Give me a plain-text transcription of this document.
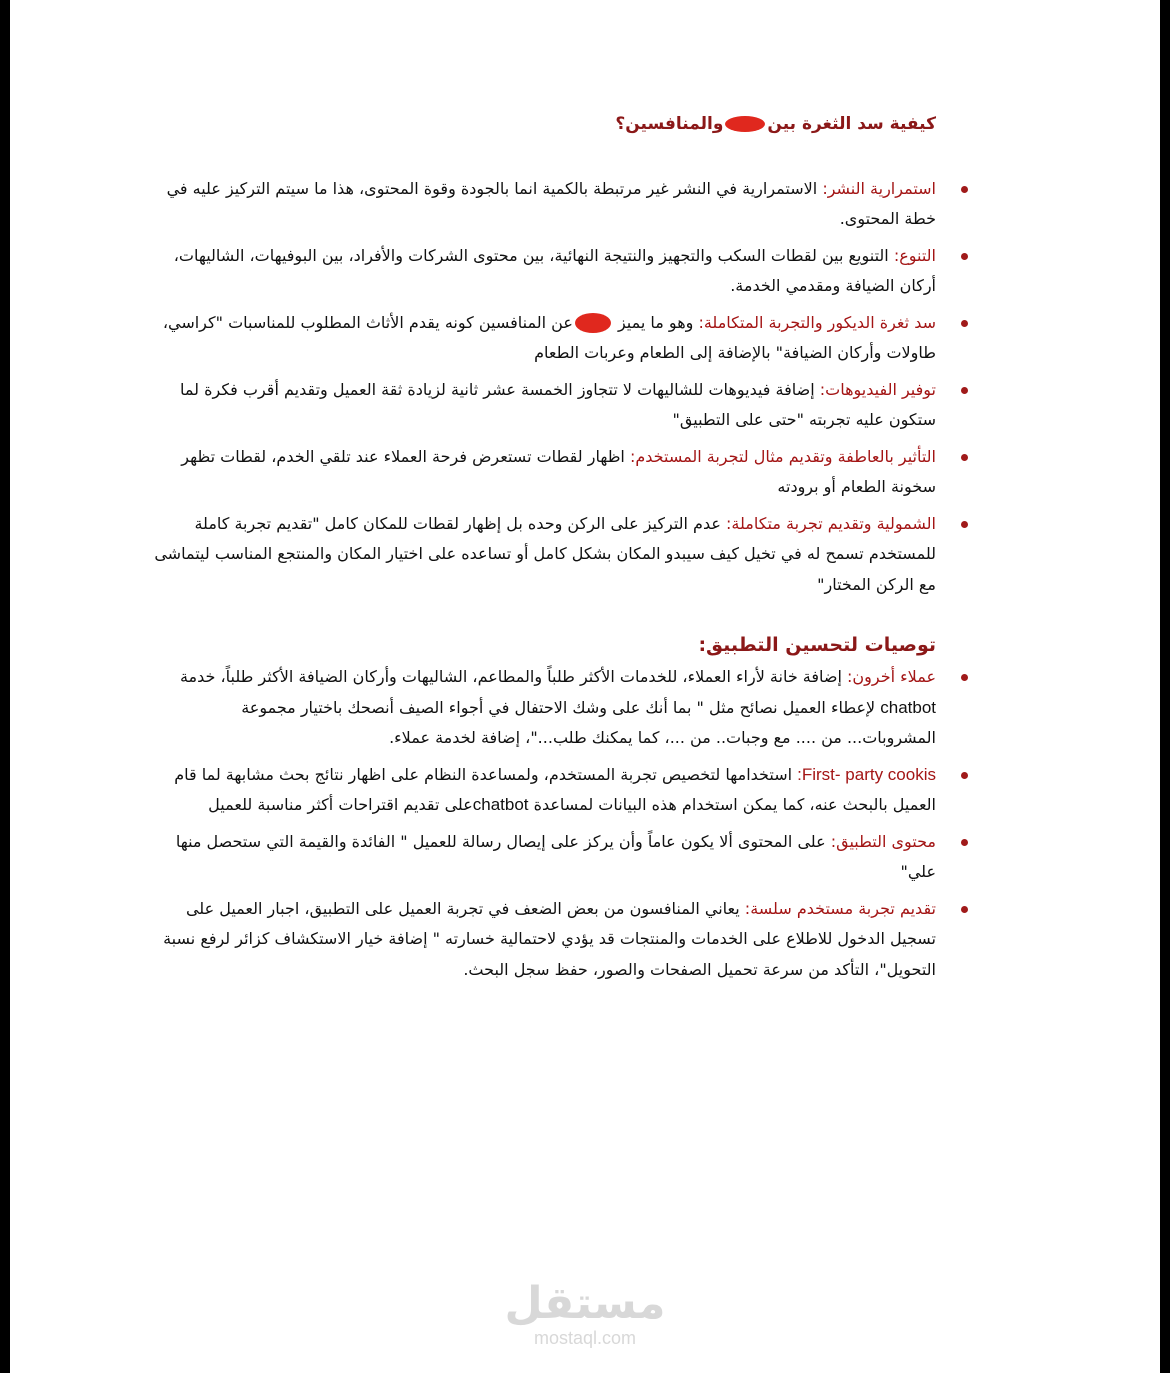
كيفية سد الثغرة بينوالمنافسين؟
استمرارية النشر: الاستمرارية في النشر غير مرتبطة بالكمية انما بالجودة وقوة المحتوى، هذا ما سيتم التركيز عليه في خطة المحتوى.
التنوع: التنويع بين لقطات السكب والتجهيز والنتيجة النهائية، بين محتوى الشركات والأفراد، بين البوفيهات، الشاليهات، أركان الضيافة ومقدمي الخدمة.
سد ثغرة الديكور والتجربة المتكاملة: وهو ما يميز عن المنافسين كونه يقدم الأثاث المطلوب للمناسبات "كراسي، طاولات وأركان الضيافة" بالإضافة إلى الطعام وعربات الطعام
توفير الفيديوهات: إضافة فيديوهات للشاليهات لا تتجاوز الخمسة عشر ثانية لزيادة ثقة العميل وتقديم أقرب فكرة لما ستكون عليه تجربته "حتى على التطبيق"
التأثير بالعاطفة وتقديم مثال لتجربة المستخدم: اظهار لقطات تستعرض فرحة العملاء عند تلقي الخدم، لقطات تظهر سخونة الطعام أو برودته
الشمولية وتقديم تجربة متكاملة: عدم التركيز على الركن وحده بل إظهار لقطات للمكان كامل "تقديم تجربة كاملة للمستخدم تسمح له في تخيل كيف سيبدو المكان بشكل كامل أو تساعده على اختيار المكان والمنتجع المناسب ليتماشى مع الركن المختار"
توصيات لتحسين التطبيق:
عملاء أخرون: إضافة خانة لأراء العملاء، للخدمات الأكثر طلباً والمطاعم، الشاليهات وأركان الضيافة الأكثر طلباً، خدمة chatbot لإعطاء العميل نصائح مثل " بما أنك على وشك الاحتفال في أجواء الصيف أنصحك باختيار مجموعة المشروبات... من .... مع وجبات.. من ...، كما يمكنك طلب..."، إضافة لخدمة عملاء.
First- party cookis: استخدامها لتخصيص تجربة المستخدم، ولمساعدة النظام على اظهار نتائج بحث مشابهة لما قام العميل بالبحث عنه، كما يمكن استخدام هذه البيانات لمساعدة chatbotعلى تقديم اقتراحات أكثر مناسبة للعميل
محتوى التطبيق: على المحتوى ألا يكون عاماً وأن يركز على إيصال رسالة للعميل " الفائدة والقيمة التي ستحصل منها علي"
تقديم تجربة مستخدم سلسة: يعاني المنافسون من بعض الضعف في تجربة العميل على التطبيق، اجبار العميل على تسجيل الدخول للاطلاع على الخدمات والمنتجات قد يؤدي لاحتمالية خسارته " إضافة خيار الاستكشاف كزائر لرفع نسبة التحويل"، التأكد من سرعة تحميل الصفحات والصور، حفظ سجل البحث.
مستقل
mostaql.com
